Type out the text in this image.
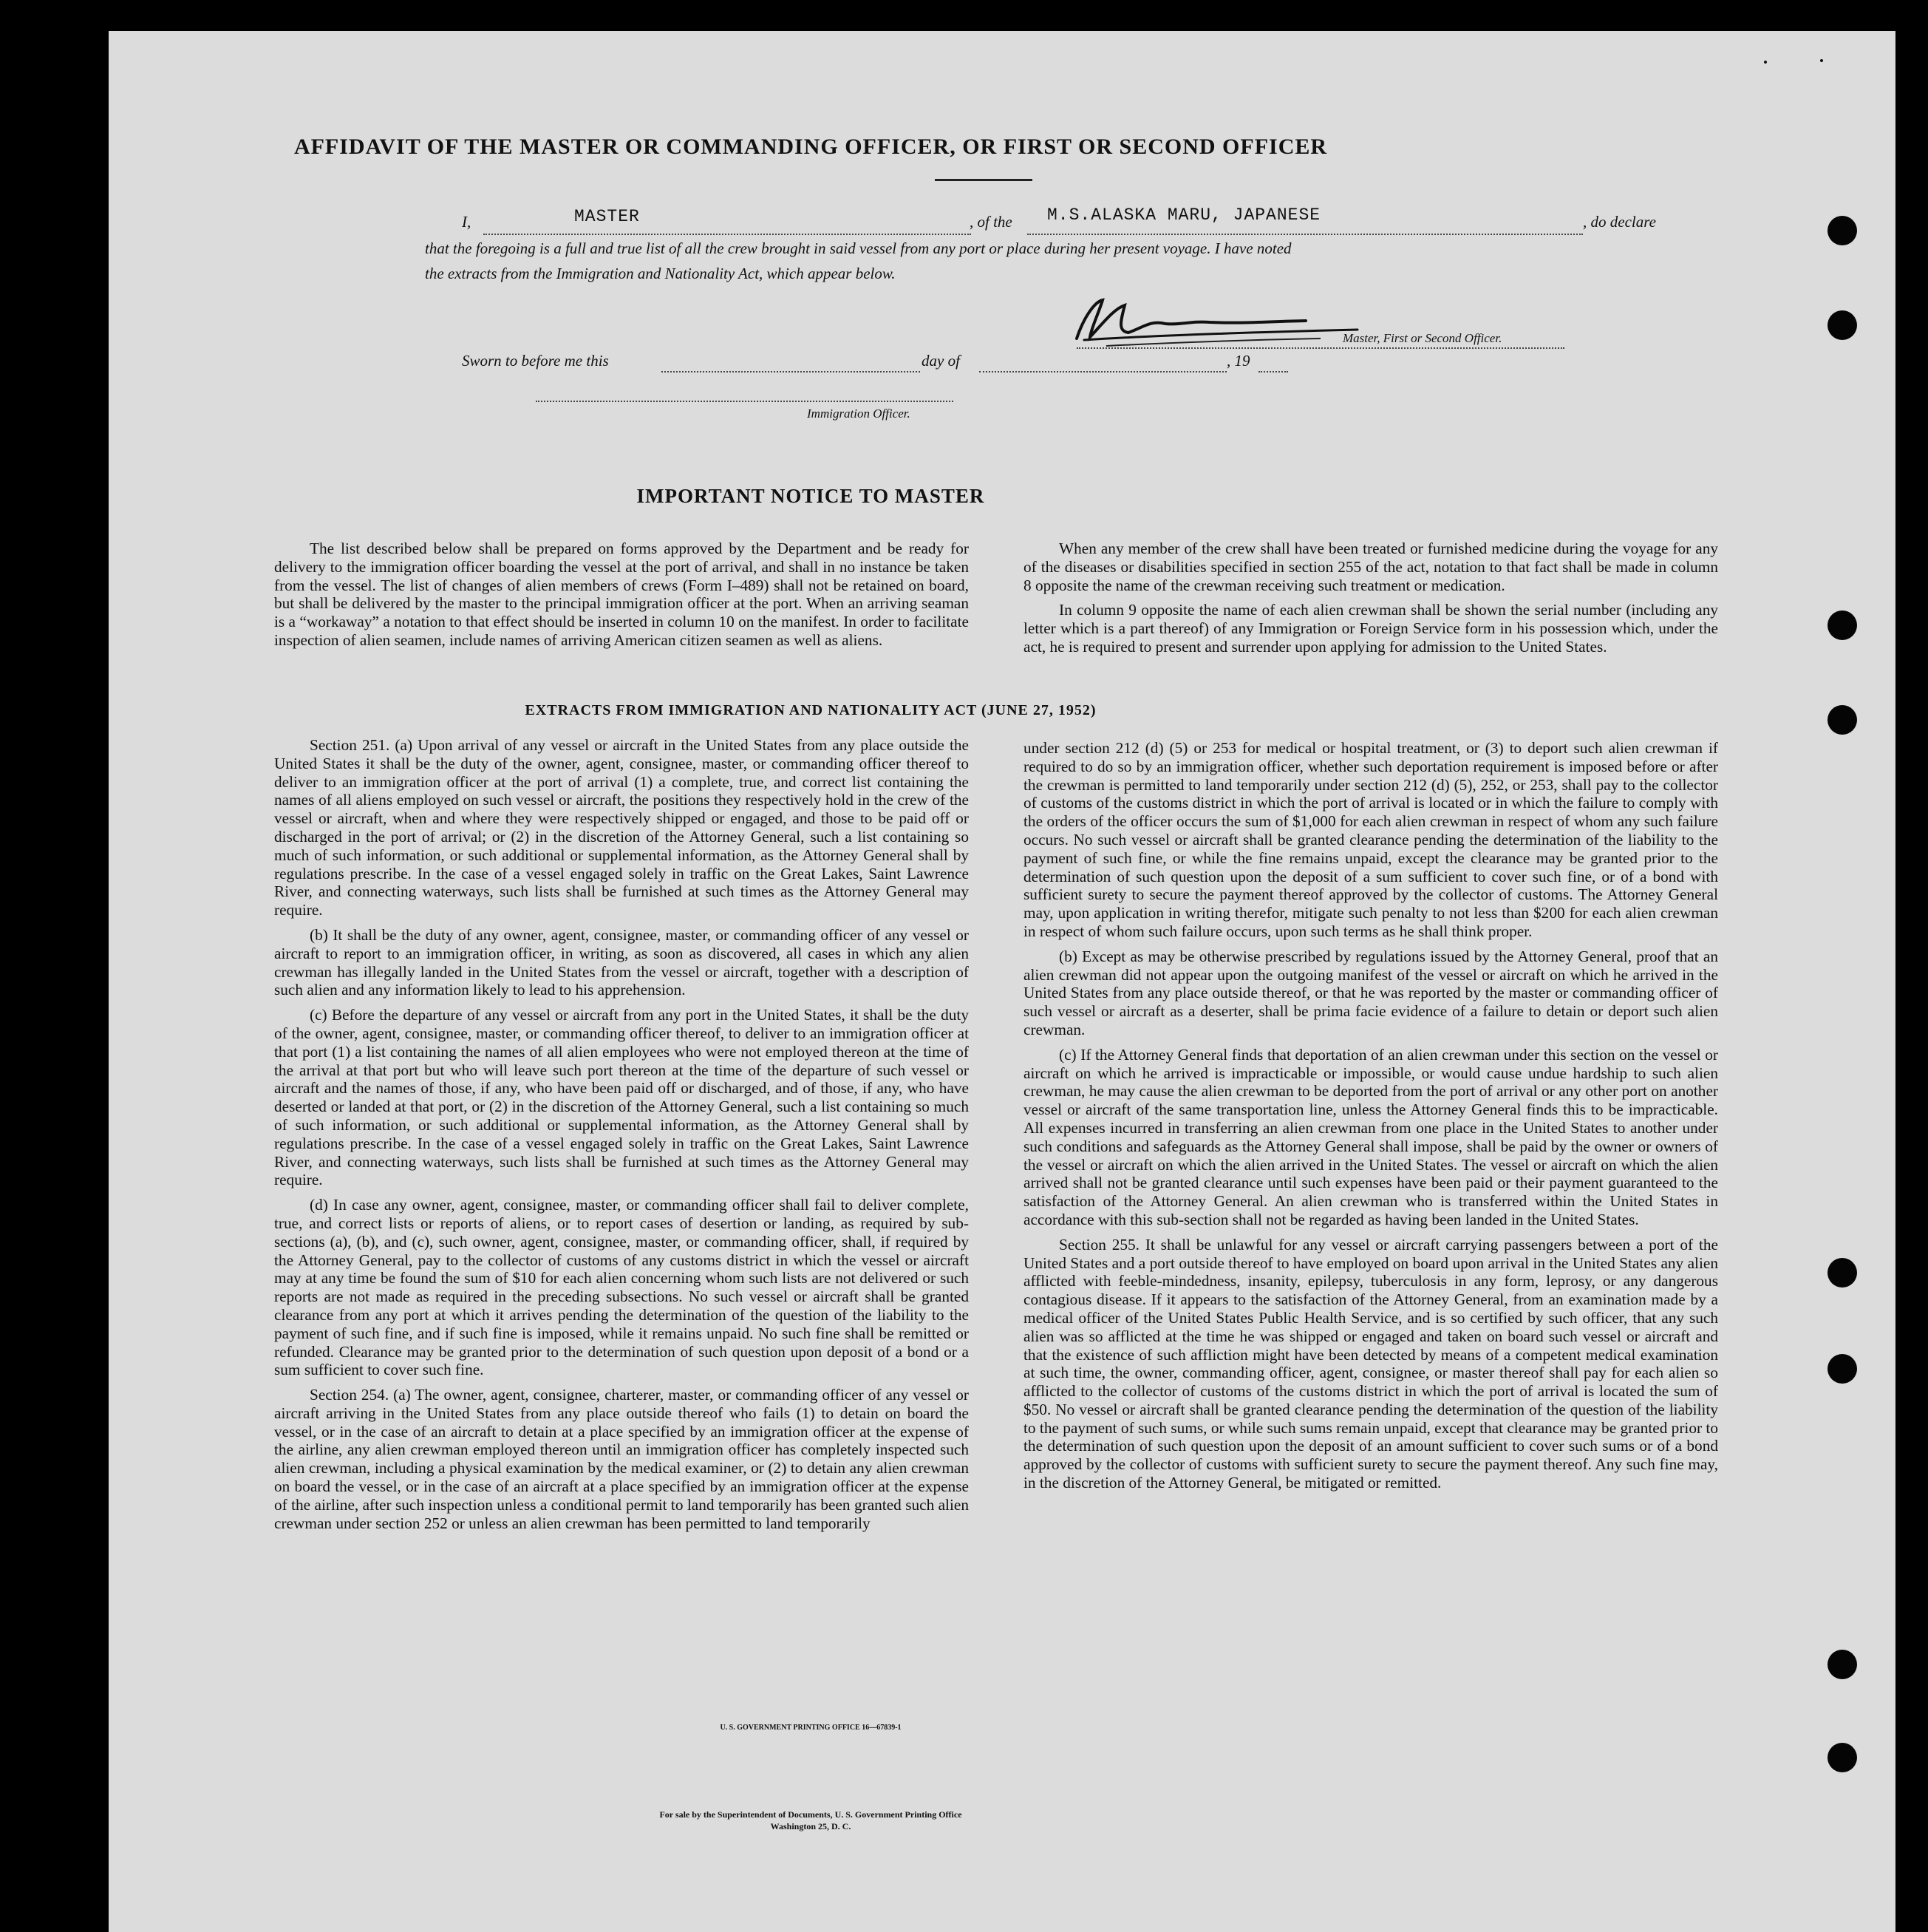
AFFIDAVIT OF THE MASTER OR COMMANDING OFFICER, OR FIRST OR SECOND OFFICER
I,	MASTER	, of the M.S.ALASKA MARU, JAPANESE	, do declare
that the foregoing is a full and true list of all the crew brought in said vessel from any port or place during her present voyage. I have noted
the extracts from the Immigration and Nationality Act, which appear below.
Master, First or Second Officer.
Sworn to before me this	day of	, 19
Immigration Officer.
IMPORTANT NOTICE TO MASTER

The list described below shall be prepared on forms approved by the Department and be ready for delivery to the immigration officer boarding the vessel at the port of arrival, and shall in no instance be taken from the vessel. The list of changes of alien members of crews (Form I–489) shall not be retained on board, but shall be delivered by the master to the principal immigration officer at the port. When an arriving seaman is a “workaway” a notation to that effect should be inserted in column 10 on the manifest. In order to facilitate inspection of alien seamen, include names of arriving American citizen seamen as well as aliens.

When any member of the crew shall have been treated or furnished medicine during the voyage for any of the diseases or disabilities specified in section 255 of the act, notation to that fact shall be made in column 8 opposite the name of the crewman receiving such treatment or medication.

In column 9 opposite the name of each alien crewman shall be shown the serial number (including any letter which is a part thereof) of any Immigration or Foreign Service form in his possession which, under the act, he is required to present and surrender upon applying for admission to the United States.

EXTRACTS FROM IMMIGRATION AND NATIONALITY ACT (JUNE 27, 1952)

Section 251. (a) Upon arrival of any vessel or aircraft in the United States from any place outside the United States it shall be the duty of the owner, agent, consignee, master, or commanding officer thereof to deliver to an immigration officer at the port of arrival (1) a complete, true, and correct list containing the names of all aliens employed on such vessel or aircraft, the positions they respectively hold in the crew of the vessel or aircraft, when and where they were respectively shipped or engaged, and those to be paid off or discharged in the port of arrival; or (2) in the discretion of the Attorney General, such a list containing so much of such information, or such additional or supplemental information, as the Attorney General shall by regulations prescribe. In the case of a vessel engaged solely in traffic on the Great Lakes, Saint Lawrence River, and connecting waterways, such lists shall be furnished at such times as the Attorney General may require.

(b) It shall be the duty of any owner, agent, consignee, master, or commanding officer of any vessel or aircraft to report to an immigration officer, in writing, as soon as discovered, all cases in which any alien crewman has illegally landed in the United States from the vessel or aircraft, together with a description of such alien and any information likely to lead to his apprehension.

(c) Before the departure of any vessel or aircraft from any port in the United States, it shall be the duty of the owner, agent, consignee, master, or commanding officer thereof, to deliver to an immigration officer at that port (1) a list containing the names of all alien employees who were not employed thereon at the time of the arrival at that port but who will leave such port thereon at the time of the departure of such vessel or aircraft and the names of those, if any, who have been paid off or discharged, and of those, if any, who have deserted or landed at that port, or (2) in the discretion of the Attorney General, such a list containing so much of such information, or such additional or supplemental information, as the Attorney General shall by regulations prescribe. In the case of a vessel engaged solely in traffic on the Great Lakes, Saint Lawrence River, and connecting waterways, such lists shall be furnished at such times as the Attorney General may require.

(d) In case any owner, agent, consignee, master, or commanding officer shall fail to deliver complete, true, and correct lists or reports of aliens, or to report cases of desertion or landing, as required by sub-sections (a), (b), and (c), such owner, agent, consignee, master, or commanding officer, shall, if required by the Attorney General, pay to the collector of customs of any customs district in which the vessel or aircraft may at any time be found the sum of $10 for each alien concerning whom such lists are not delivered or such reports are not made as required in the preceding subsections. No such vessel or aircraft shall be granted clearance from any port at which it arrives pending the determination of the question of the liability to the payment of such fine, and if such fine is imposed, while it remains unpaid. No such fine shall be remitted or refunded. Clearance may be granted prior to the determination of such question upon deposit of a bond or a sum sufficient to cover such fine.

Section 254. (a) The owner, agent, consignee, charterer, master, or commanding officer of any vessel or aircraft arriving in the United States from any place outside thereof who fails (1) to detain on board the vessel, or in the case of an aircraft to detain at a place specified by an immigration officer at the expense of the airline, any alien crewman employed thereon until an immigration officer has completely inspected such alien crewman, including a physical examination by the medical examiner, or (2) to detain any alien crewman on board the vessel, or in the case of an aircraft at a place specified by an immigration officer at the expense of the airline, after such inspection unless a conditional permit to land temporarily has been granted such alien crewman under section 252 or unless an alien crewman has been permitted to land temporarily

under section 212 (d) (5) or 253 for medical or hospital treatment, or (3) to deport such alien crewman if required to do so by an immigration officer, whether such deportation requirement is imposed before or after the crewman is permitted to land temporarily under section 212 (d) (5), 252, or 253, shall pay to the collector of customs of the customs district in which the port of arrival is located or in which the failure to comply with the orders of the officer occurs the sum of $1,000 for each alien crewman in respect of whom any such failure occurs. No such vessel or aircraft shall be granted clearance pending the determination of the liability to the payment of such fine, or while the fine remains unpaid, except the clearance may be granted prior to the determination of such question upon the deposit of a sum sufficient to cover such fine, or of a bond with sufficient surety to secure the payment thereof approved by the collector of customs. The Attorney General may, upon application in writing therefor, mitigate such penalty to not less than $200 for each alien crewman in respect of whom such failure occurs, upon such terms as he shall think proper.

(b) Except as may be otherwise prescribed by regulations issued by the Attorney General, proof that an alien crewman did not appear upon the outgoing manifest of the vessel or aircraft on which he arrived in the United States from any place outside thereof, or that he was reported by the master or commanding officer of such vessel or aircraft as a deserter, shall be prima facie evidence of a failure to detain or deport such alien crewman.

(c) If the Attorney General finds that deportation of an alien crewman under this section on the vessel or aircraft on which he arrived is impracticable or impossible, or would cause undue hardship to such alien crewman, he may cause the alien crewman to be deported from the port of arrival or any other port on another vessel or aircraft of the same transportation line, unless the Attorney General finds this to be impracticable. All expenses incurred in transferring an alien crewman from one place in the United States to another under such conditions and safeguards as the Attorney General shall impose, shall be paid by the owner or owners of the vessel or aircraft on which the alien arrived in the United States. The vessel or aircraft on which the alien arrived shall not be granted clearance until such expenses have been paid or their payment guaranteed to the satisfaction of the Attorney General. An alien crewman who is transferred within the United States in accordance with this sub-section shall not be regarded as having been landed in the United States.

Section 255. It shall be unlawful for any vessel or aircraft carrying passengers between a port of the United States and a port outside thereof to have employed on board upon arrival in the United States any alien afflicted with feeble-mindedness, insanity, epilepsy, tuberculosis in any form, leprosy, or any dangerous contagious disease. If it appears to the satisfaction of the Attorney General, from an examination made by a medical officer of the United States Public Health Service, and is so certified by such officer, that any such alien was so afflicted at the time he was shipped or engaged and taken on board such vessel or aircraft and that the existence of such affliction might have been detected by means of a competent medical examination at such time, the owner, commanding officer, agent, consignee, or master thereof shall pay for each alien so afflicted to the collector of customs of the customs district in which the port of arrival is located the sum of $50. No vessel or aircraft shall be granted clearance pending the determination of the question of the liability to the payment of such sums, or while such sums remain unpaid, except that clearance may be granted prior to the determination of such question upon the deposit of an amount sufficient to cover such sums or of a bond approved by the collector of customs with sufficient surety to secure the payment thereof. Any such fine may, in the discretion of the Attorney General, be mitigated or remitted.

U. S. GOVERNMENT PRINTING OFFICE 16—67839-1
For sale by the Superintendent of Documents, U. S. Government Printing Office
Washington 25, D. C.
